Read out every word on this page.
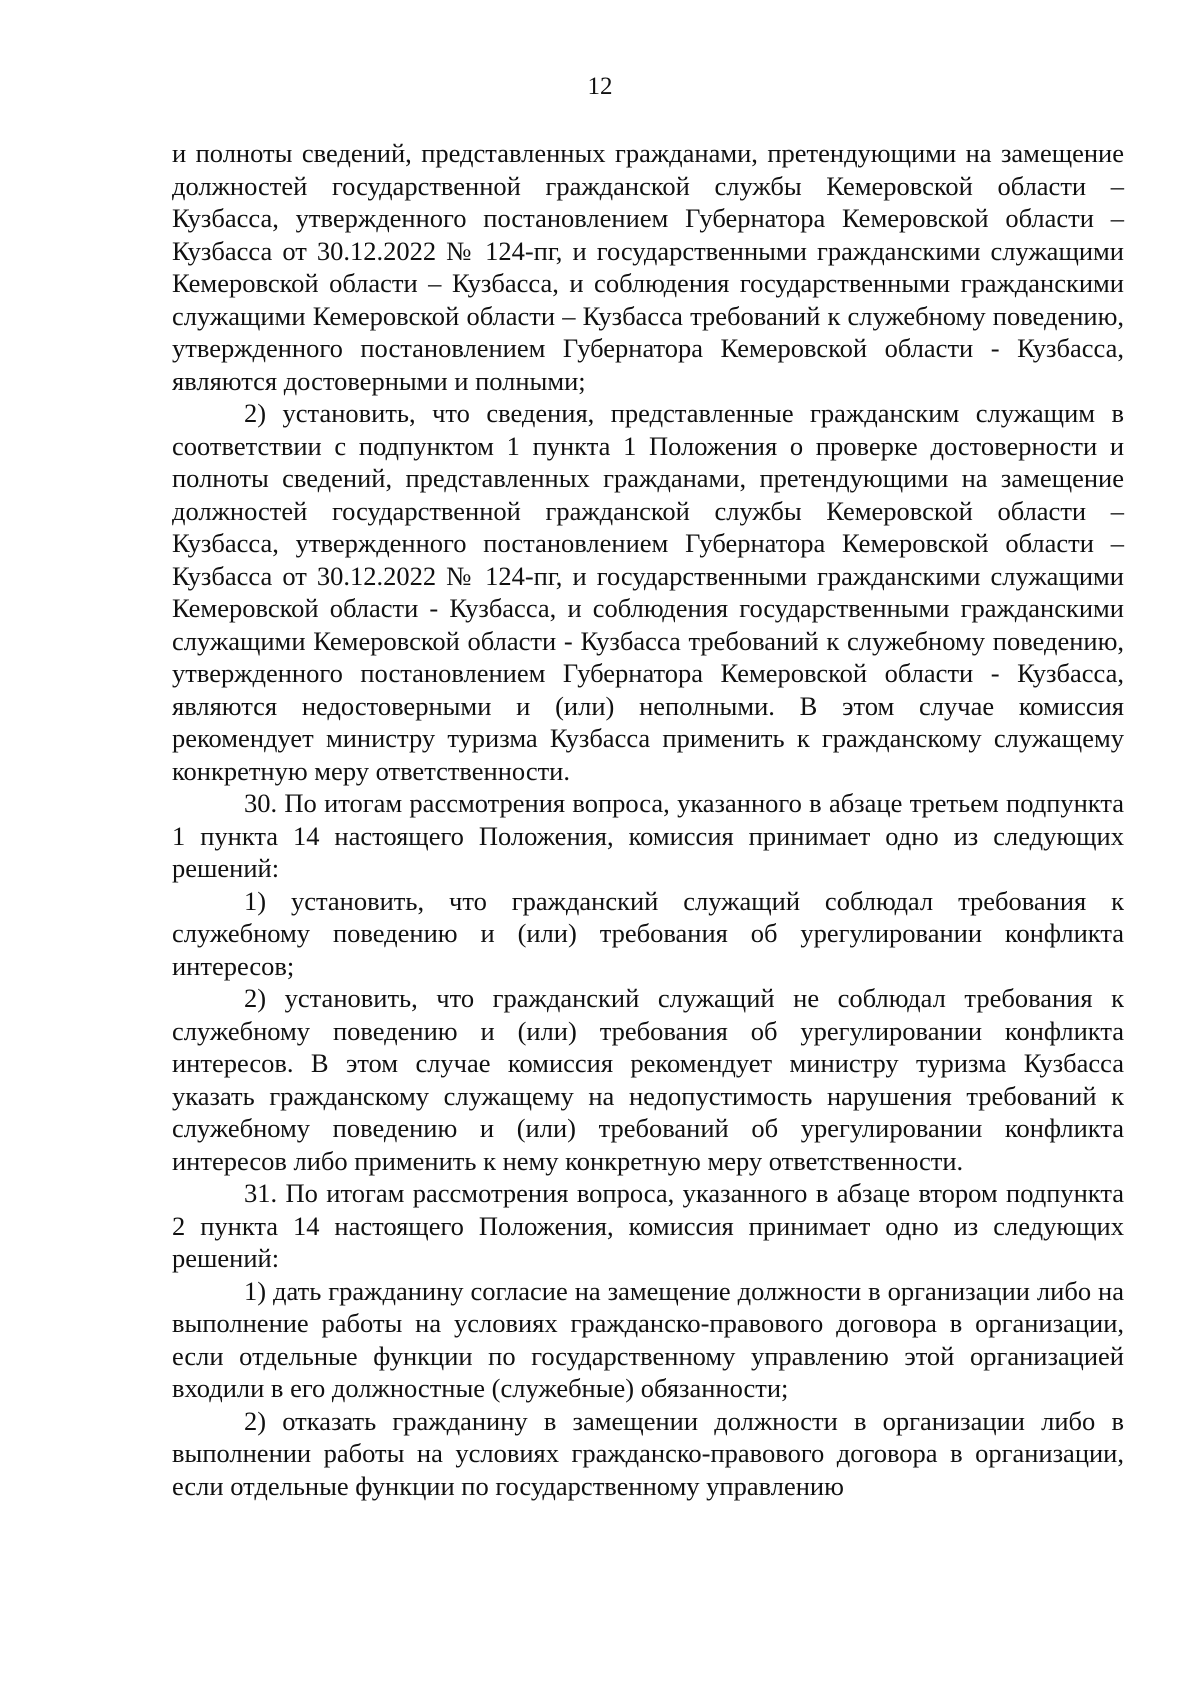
12

и полноты сведений, представленных гражданами, претендующими на замещение должностей государственной гражданской службы Кемеровской области – Кузбасса, утвержденного постановлением Губернатора Кемеровской области – Кузбасса от 30.12.2022 № 124-пг, и государственными гражданскими служащими Кемеровской области – Кузбасса, и соблюдения государственными гражданскими служащими Кемеровской области – Кузбасса требований к служебному поведению, утвержденного постановлением Губернатора Кемеровской области - Кузбасса, являются достоверными и полными;

2) установить, что сведения, представленные гражданским служащим в соответствии с подпунктом 1 пункта 1 Положения о проверке достоверности и полноты сведений, представленных гражданами, претендующими на замещение должностей государственной гражданской службы Кемеровской области – Кузбасса, утвержденного постановлением Губернатора Кемеровской области – Кузбасса от 30.12.2022 № 124-пг, и государственными гражданскими служащими Кемеровской области - Кузбасса, и соблюдения государственными гражданскими служащими Кемеровской области - Кузбасса требований к служебному поведению, утвержденного постановлением Губернатора Кемеровской области - Кузбасса, являются недостоверными и (или) неполными. В этом случае комиссия рекомендует министру туризма Кузбасса применить к гражданскому служащему конкретную меру ответственности.

30. По итогам рассмотрения вопроса, указанного в абзаце третьем подпункта 1 пункта 14 настоящего Положения, комиссия принимает одно из следующих решений:

1) установить, что гражданский служащий соблюдал требования к служебному поведению и (или) требования об урегулировании конфликта интересов;

2) установить, что гражданский служащий не соблюдал требования к служебному поведению и (или) требования об урегулировании конфликта интересов. В этом случае комиссия рекомендует министру туризма Кузбасса указать гражданскому служащему на недопустимость нарушения требований к служебному поведению и (или) требований об урегулировании конфликта интересов либо применить к нему конкретную меру ответственности.

31. По итогам рассмотрения вопроса, указанного в абзаце втором подпункта 2 пункта 14 настоящего Положения, комиссия принимает одно из следующих решений:

1) дать гражданину согласие на замещение должности в организации либо на выполнение работы на условиях гражданско-правового договора в организации, если отдельные функции по государственному управлению этой организацией входили в его должностные (служебные) обязанности;

2) отказать гражданину в замещении должности в организации либо в выполнении работы на условиях гражданско-правового договора в организации, если отдельные функции по государственному управлению
